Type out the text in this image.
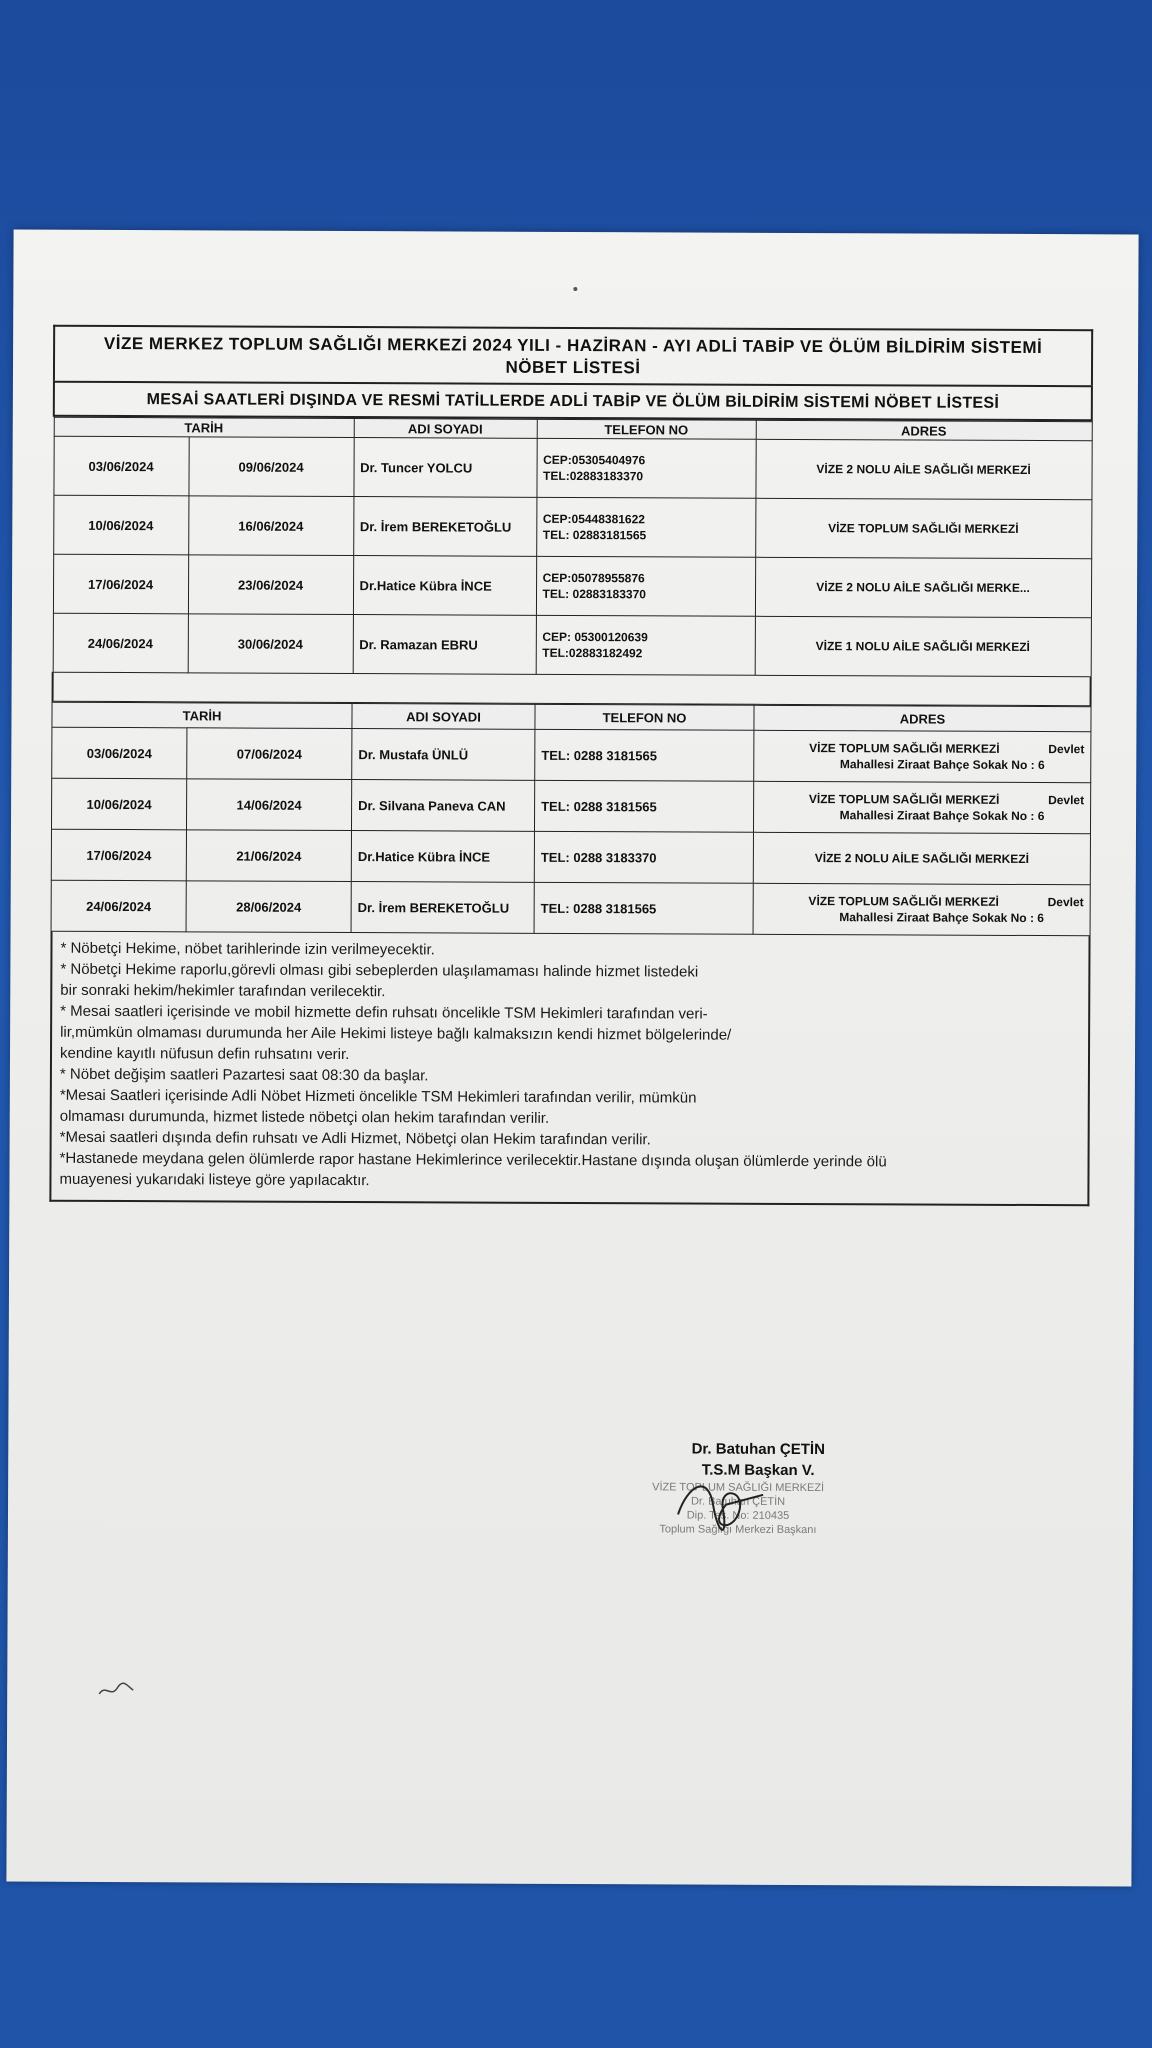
VİZE MERKEZ TOPLUM SAĞLIĞI MERKEZİ 2024 YILI - HAZİRAN - AYI ADLİ TABİP VE ÖLÜM BİLDİRİM SİSTEMİ
NÖBET LİSTESİ
MESAİ SAATLERİ DIŞINDA VE RESMİ TATİLLERDE ADLİ TABİP VE ÖLÜM BİLDİRİM SİSTEMİ NÖBET LİSTESİ
TARİH		ADI SOYADI	TELEFON NO	ADRES
03/06/2024	09/06/2024	Dr. Tuncer YOLCU	CEP:05305404976
TEL:02883183370	VİZE 2 NOLU AİLE SAĞLIĞI MERKEZİ
10/06/2024	16/06/2024	Dr. İrem BEREKETOĞLU	CEP:05448381622
TEL: 02883181565	VİZE TOPLUM SAĞLIĞI MERKEZİ
17/06/2024	23/06/2024	Dr.Hatice Kübra İNCE	CEP:05078955876
TEL: 02883183370	VİZE 2 NOLU AİLE SAĞLIĞI MERKE...
24/06/2024	30/06/2024	Dr. Ramazan EBRU	CEP: 05300120639
TEL:02883182492	VİZE 1 NOLU AİLE SAĞLIĞI MERKEZİ

TARİH		ADI SOYADI	TELEFON NO	ADRES
03/06/2024	07/06/2024	Dr. Mustafa ÜNLÜ	TEL: 0288 3181565	VİZE TOPLUM SAĞLIĞI MERKEZİ Devlet
Mahallesi Ziraat Bahçe Sokak No : 6

10/06/2024	14/06/2024	Dr. Silvana Paneva CAN	TEL: 0288 3181565	VİZE TOPLUM SAĞLIĞI MERKEZİ Devlet
Mahallesi Ziraat Bahçe Sokak No : 6

17/06/2024	21/06/2024	Dr.Hatice Kübra İNCE	TEL: 0288 3183370	VİZE 2 NOLU AİLE SAĞLIĞI MERKEZİ
24/06/2024	28/06/2024	Dr. İrem BEREKETOĞLU	TEL: 0288 3181565	VİZE TOPLUM SAĞLIĞI MERKEZİ Devlet
Mahallesi Ziraat Bahçe Sokak No : 6

* Nöbetçi Hekime, nöbet tarihlerinde izin verilmeyecektir.

* Nöbetçi Hekime raporlu,görevli olması gibi sebeplerden ulaşılamaması halinde hizmet listedeki

bir sonraki hekim/hekimler tarafından verilecektir.

* Mesai saatleri içerisinde ve mobil hizmette defin ruhsatı öncelikle TSM Hekimleri tarafından veri-

lir,mümkün olmaması durumunda her Aile Hekimi listeye bağlı kalmaksızın kendi hizmet bölgelerinde/

kendine kayıtlı nüfusun defin ruhsatını verir.

* Nöbet değişim saatleri Pazartesi saat 08:30 da başlar.

*Mesai Saatleri içerisinde Adli Nöbet Hizmeti öncelikle TSM Hekimleri tarafından verilir, mümkün

olmaması durumunda, hizmet listede nöbetçi olan hekim tarafından verilir.

*Mesai saatleri dışında defin ruhsatı ve Adli Hizmet, Nöbetçi olan Hekim tarafından verilir.

*Hastanede meydana gelen ölümlerde rapor hastane Hekimlerince verilecektir.Hastane dışında oluşan ölümlerde yerinde ölü

muayenesi yukarıdaki listeye göre yapılacaktır.

Dr. Batuhan ÇETİN
T.S.M Başkan V.
VİZE TOPLUM SAĞLIĞI MERKEZİ
Dr. Batuhan ÇETİN
Dip. Tes. No: 210435
Toplum Sağlığı Merkezi Başkanı
